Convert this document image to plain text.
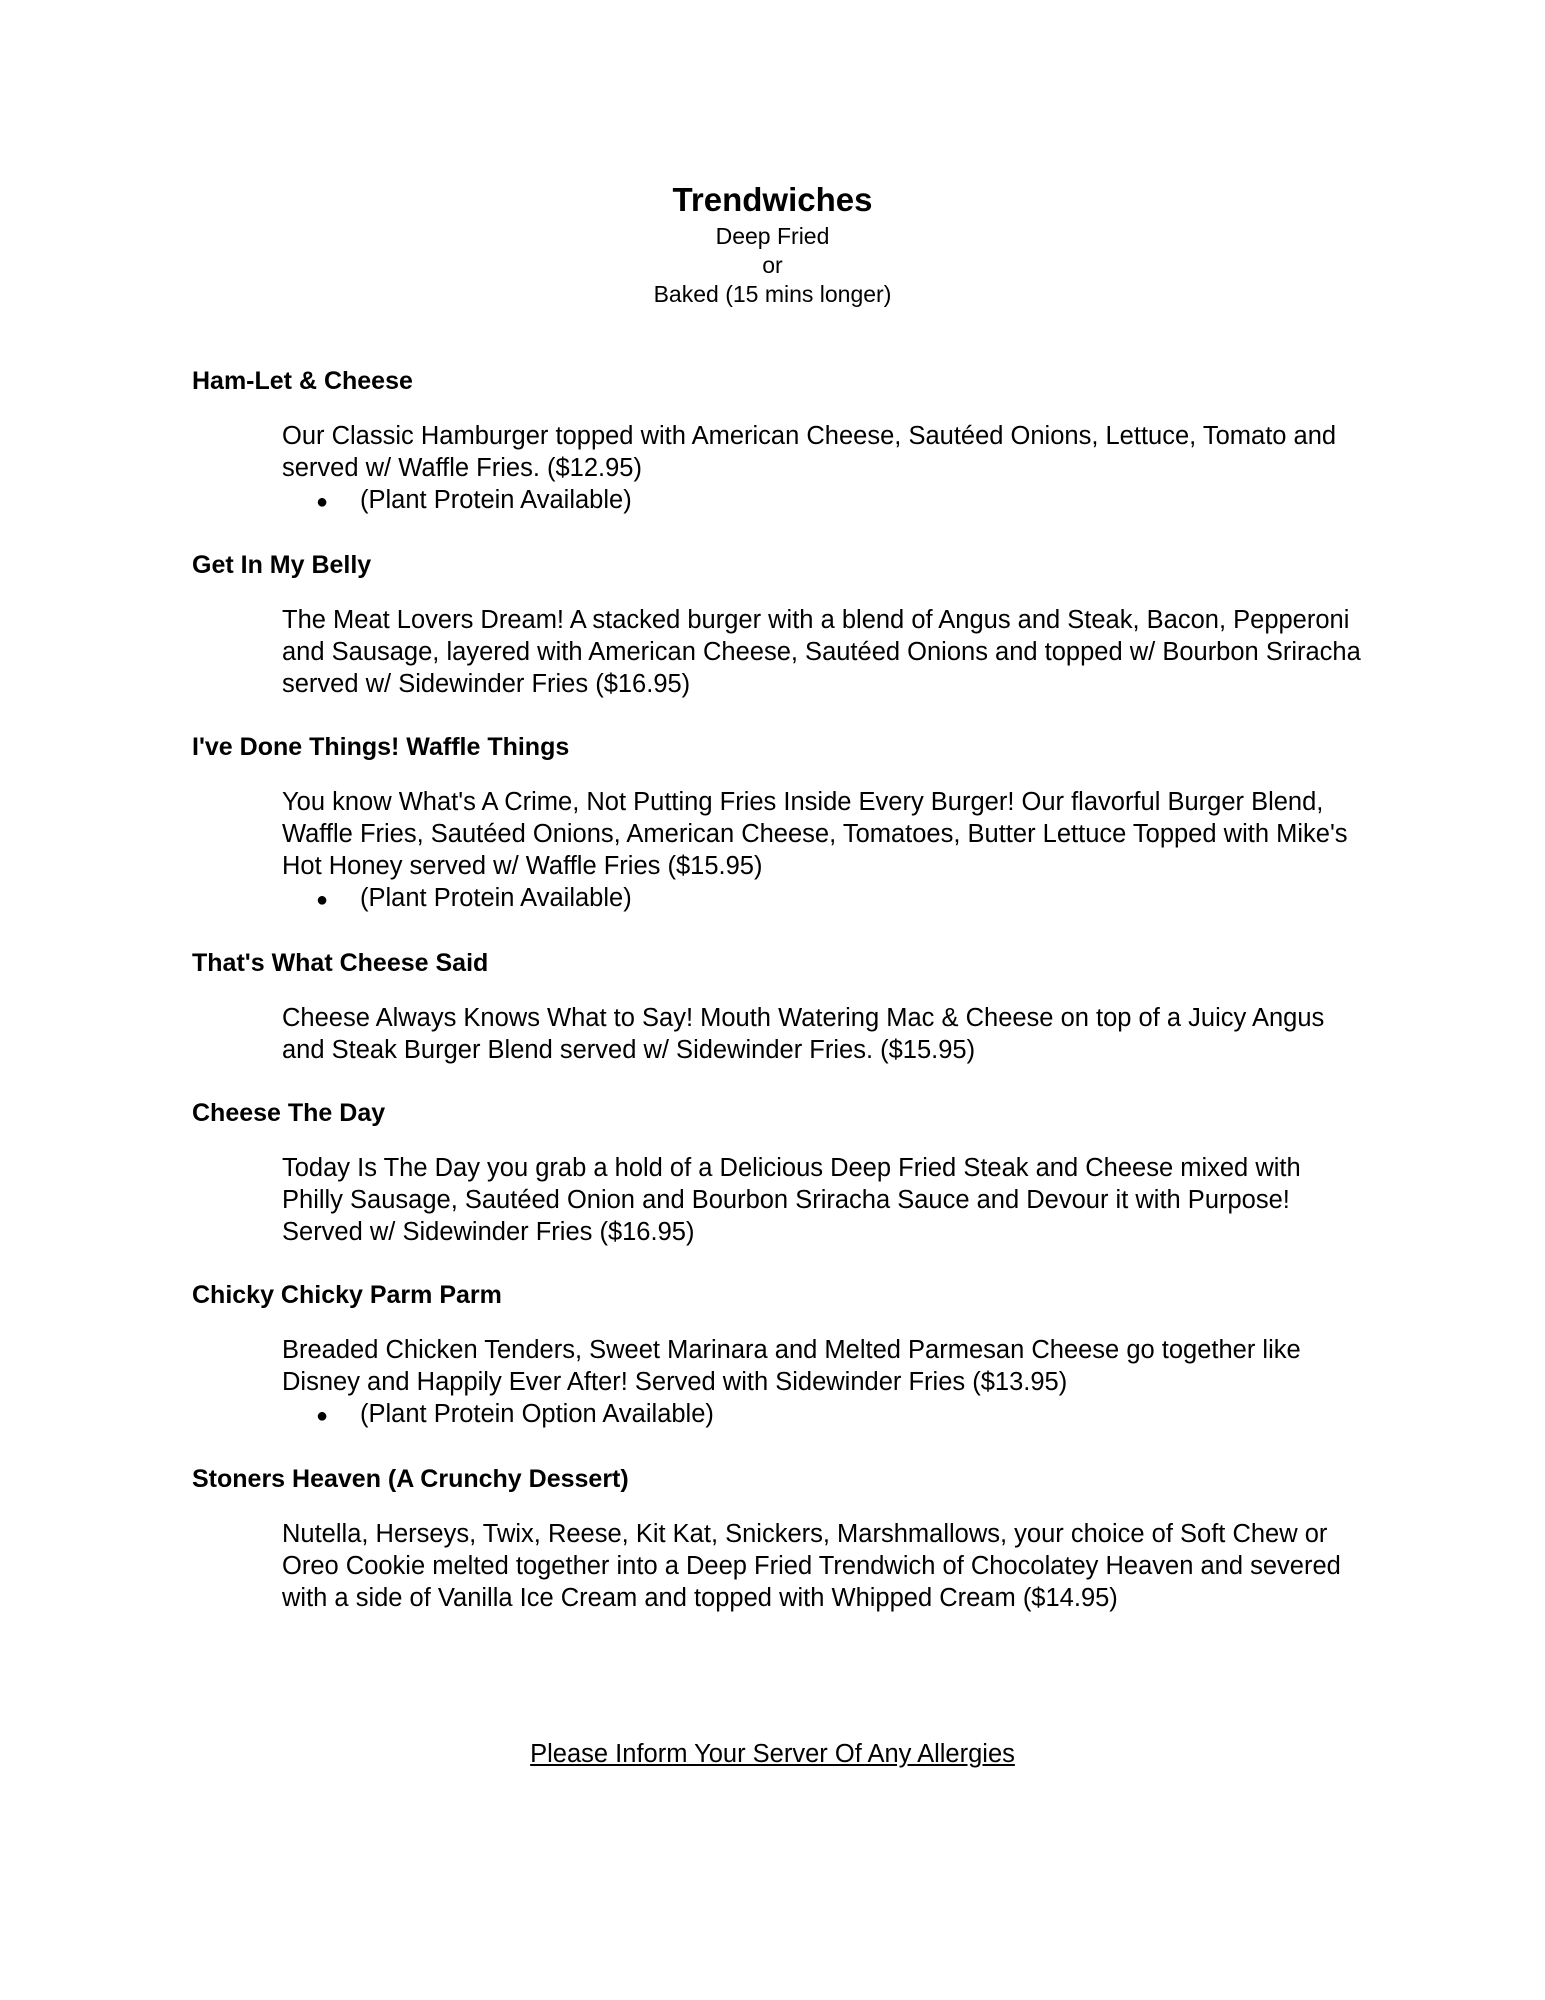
Trendwiches

Deep Fried

or

Baked (15 mins longer)

Ham-Let & Cheese
Our Classic Hamburger topped with American Cheese, Sautéed Onions, Lettuce, Tomato and served w/ Waffle Fries. ($12.95)
●	(Plant Protein Available)
Get In My Belly
The Meat Lovers Dream! A stacked burger with a blend of Angus and Steak, Bacon, Pepperoni and Sausage, layered with American Cheese, Sautéed Onions and topped w/ Bourbon Sriracha served w/ Sidewinder Fries ($16.95)
I've Done Things! Waffle Things
You know What's A Crime, Not Putting Fries Inside Every Burger! Our flavorful Burger Blend, Waffle Fries, Sautéed Onions, American Cheese, Tomatoes, Butter Lettuce Topped with Mike's Hot Honey served w/ Waffle Fries ($15.95)
●	(Plant Protein Available)
That's What Cheese Said
Cheese Always Knows What to Say! Mouth Watering Mac & Cheese on top of a Juicy Angus and Steak Burger Blend served w/ Sidewinder Fries. ($15.95)
Cheese The Day
Today Is The Day you grab a hold of a Delicious Deep Fried Steak and Cheese mixed with Philly Sausage, Sautéed Onion and Bourbon Sriracha Sauce and Devour it with Purpose! Served w/ Sidewinder Fries ($16.95)
Chicky Chicky Parm Parm
Breaded Chicken Tenders, Sweet Marinara and Melted Parmesan Cheese go together like Disney and Happily Ever After! Served with Sidewinder Fries ($13.95)
●	(Plant Protein Option Available)
Stoners Heaven (A Crunchy Dessert)
Nutella, Herseys, Twix, Reese, Kit Kat, Snickers, Marshmallows, your choice of Soft Chew or Oreo Cookie melted together into a Deep Fried Trendwich of Chocolatey Heaven and severed with a side of Vanilla Ice Cream and topped with Whipped Cream ($14.95)
Please Inform Your Server Of Any Allergies
